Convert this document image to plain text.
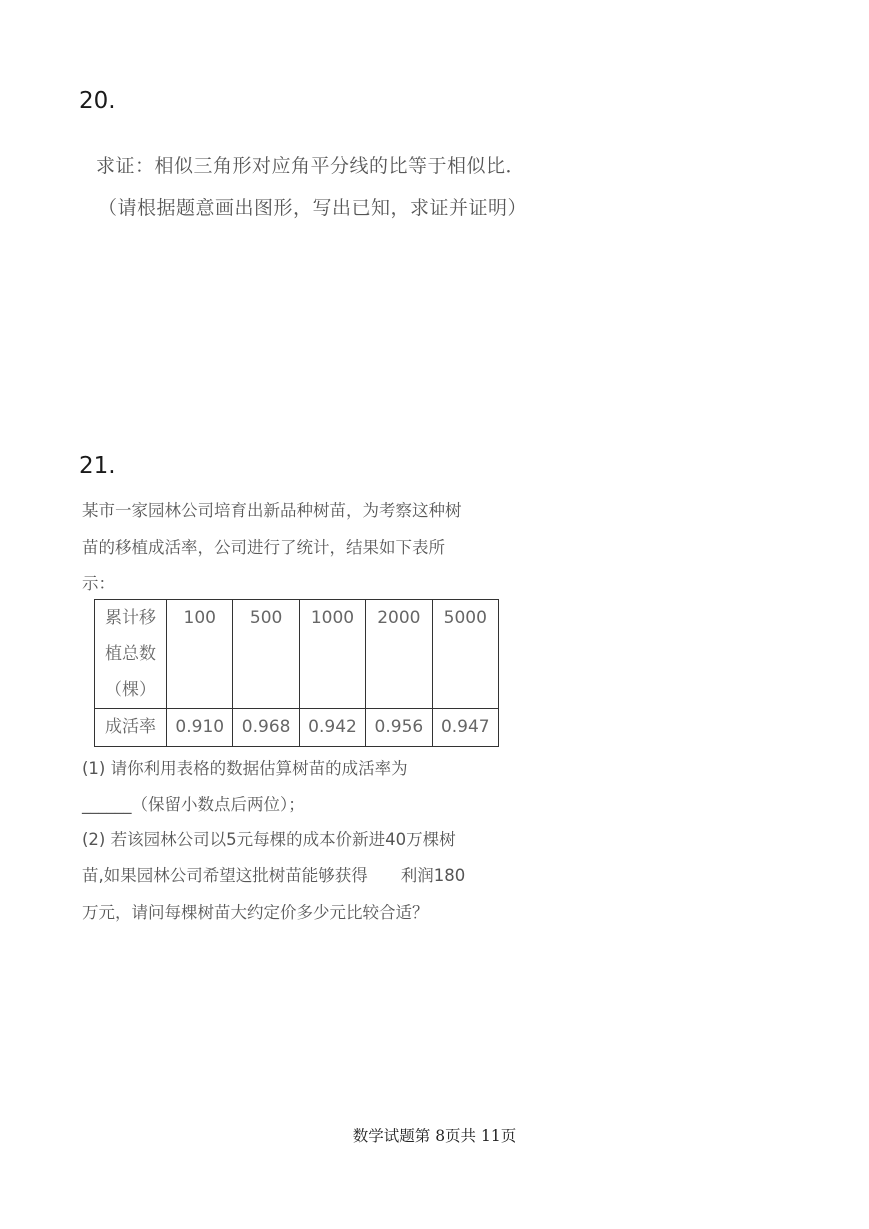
20.
求证：相似三角形对应角平分线的比等于相似比．
（请根据题意画出图形，写出已知，求证并证明）
21.
某市一家园林公司培育出新品种树苗，为考察这种树
苗的移植成活率，公司进行了统计，结果如下表所
示：
累计移
植总数
（棵）	100	500	1000	2000	5000
成活率	0.910	0.968	0.942	0.956	0.947
(1) 请你利用表格的数据估算树苗的成活率为
______（保留小数点后两位）；
(2) 若该园林公司以5元每棵的成本价新进40万棵树
苗,如果园林公司希望这批树苗能够获得　　利润180
万元，请问每棵树苗大约定价多少元比较合适？
数学试题第 8页共 11页
